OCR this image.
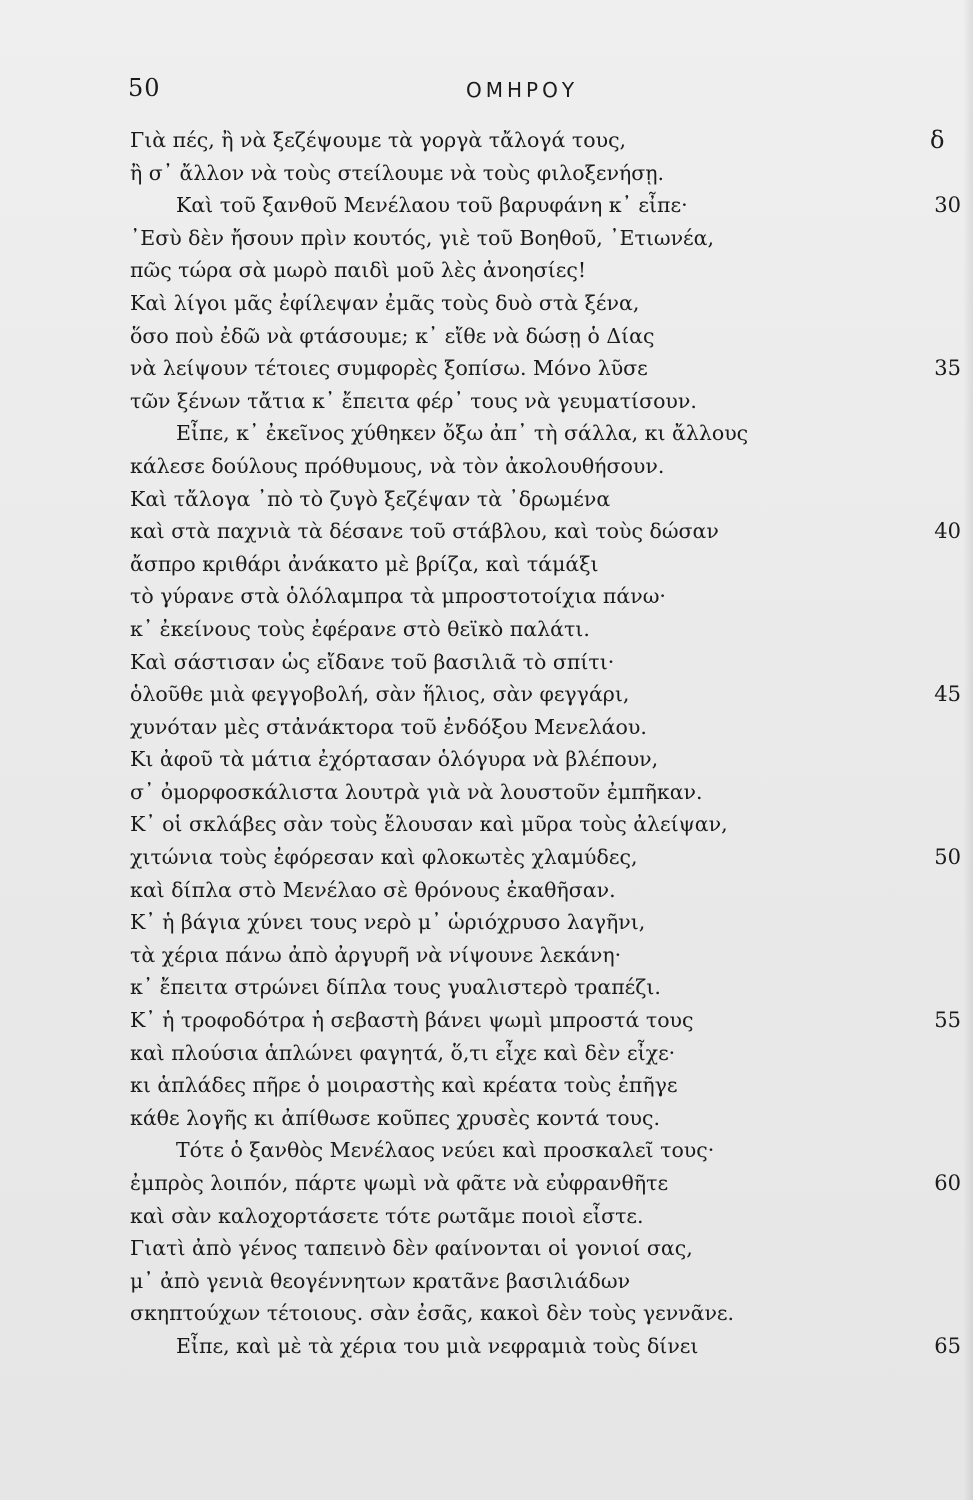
50	ΟΜΗΡΟΥ
Γιὰ πές, ἢ νὰ ξεζέψουμε τὰ γοργὰ τἄλογά τους,	δ
ἢ σ᾿ ἄλλον νὰ τοὺς στείλουμε νὰ τοὺς φιλοξενήσῃ.
Καὶ τοῦ ξανθοῦ Μενέλαου τοῦ βαρυφάνη κ᾿ εἶπε·	30
᾿Εσὺ δὲν ἤσουν πρὶν κουτός, γιὲ τοῦ Βοηθοῦ, ᾿Ετιωνέα,
πῶς τώρα σὰ μωρὸ παιδὶ μοῦ λὲς ἀνοησίες!
Καὶ λίγοι μᾶς ἐφίλεψαν ἐμᾶς τοὺς δυὸ στὰ ξένα,
ὅσο ποὺ ἐδῶ νὰ φτάσουμε; κ᾿ εἴθε νὰ δώσῃ ὁ Δίας
νὰ λείψουν τέτοιες συμφορὲς ξοπίσω. Μόνο λῦσε	35
τῶν ξένων τἄτια κ᾿ ἔπειτα φέρ᾿ τους νὰ γευματίσουν.
Εἶπε, κ᾿ ἐκεῖνος χύθηκεν ὄξω ἀπ᾿ τὴ σάλλα, κι ἄλλους
κάλεσε δούλους πρόθυμους, νὰ τὸν ἀκολουθήσουν.
Καὶ τἄλογα ᾿πὸ τὸ ζυγὸ ξεζέψαν τὰ ᾿δρωμένα
καὶ στὰ παχνιὰ τὰ δέσανε τοῦ στάβλου, καὶ τοὺς δώσαν	40
ἄσπρο κριθάρι ἀνάκατο μὲ βρίζα, καὶ τάμάξι
τὸ γύρανε στὰ ὁλόλαμπρα τὰ μπροστοτοίχια πάνω·
κ᾿ ἐκείνους τοὺς ἐφέρανε στὸ θεϊκὸ παλάτι.
Καὶ σάστισαν ὡς εἴδανε τοῦ βασιλιᾶ τὸ σπίτι·
ὁλοῦθε μιὰ φεγγοβολή, σὰν ἥλιος, σὰν φεγγάρι,	45
χυνόταν μὲς στἀνάκτορα τοῦ ἐνδόξου Μενελάου.
Κι ἀφοῦ τὰ μάτια ἐχόρτασαν ὁλόγυρα νὰ βλέπουν,
σ᾿ ὀμορφοσκάλιστα λουτρὰ γιὰ νὰ λουστοῦν ἐμπῆκαν.
Κ᾿ οἱ σκλάβες σὰν τοὺς ἔλουσαν καὶ μῦρα τοὺς ἀλείψαν,
χιτώνια τοὺς ἐφόρεσαν καὶ φλοκωτὲς χλαμύδες,	50
καὶ δίπλα στὸ Μενέλαο σὲ θρόνους ἐκαθῆσαν.
Κ᾿ ἡ βάγια χύνει τους νερὸ μ᾿ ὡριόχρυσο λαγῆνι,
τὰ χέρια πάνω ἀπὸ ἀργυρῆ νὰ νίψουνε λεκάνη·
κ᾿ ἔπειτα στρώνει δίπλα τους γυαλιστερὸ τραπέζι.
Κ᾿ ἡ τροφοδότρα ἡ σεβαστὴ βάνει ψωμὶ μπροστά τους	55
καὶ πλούσια ἁπλώνει φαγητά, ὅ,τι εἶχε καὶ δὲν εἶχε·
κι ἁπλάδες πῆρε ὁ μοιραστὴς καὶ κρέατα τοὺς ἐπῆγε
κάθε λογῆς κι ἀπίθωσε κοῦπες χρυσὲς κοντά τους.
Τότε ὁ ξανθὸς Μενέλαος νεύει καὶ προσκαλεῖ τους·
ἐμπρὸς λοιπόν, πάρτε ψωμὶ νὰ φᾶτε νὰ εὐφρανθῆτε	60
καὶ σὰν καλοχορτάσετε τότε ρωτᾶμε ποιοὶ εἶστε.
Γιατὶ ἀπὸ γένος ταπεινὸ δὲν φαίνονται οἱ γονιοί σας,
μ᾿ ἀπὸ γενιὰ θεογέννητων κρατᾶνε βασιλιάδων
σκηπτούχων τέτοιους. σὰν ἐσᾶς, κακοὶ δὲν τοὺς γεννᾶνε.
Εἶπε, καὶ μὲ τὰ χέρια του μιὰ νεφραμιὰ τοὺς δίνει	65
